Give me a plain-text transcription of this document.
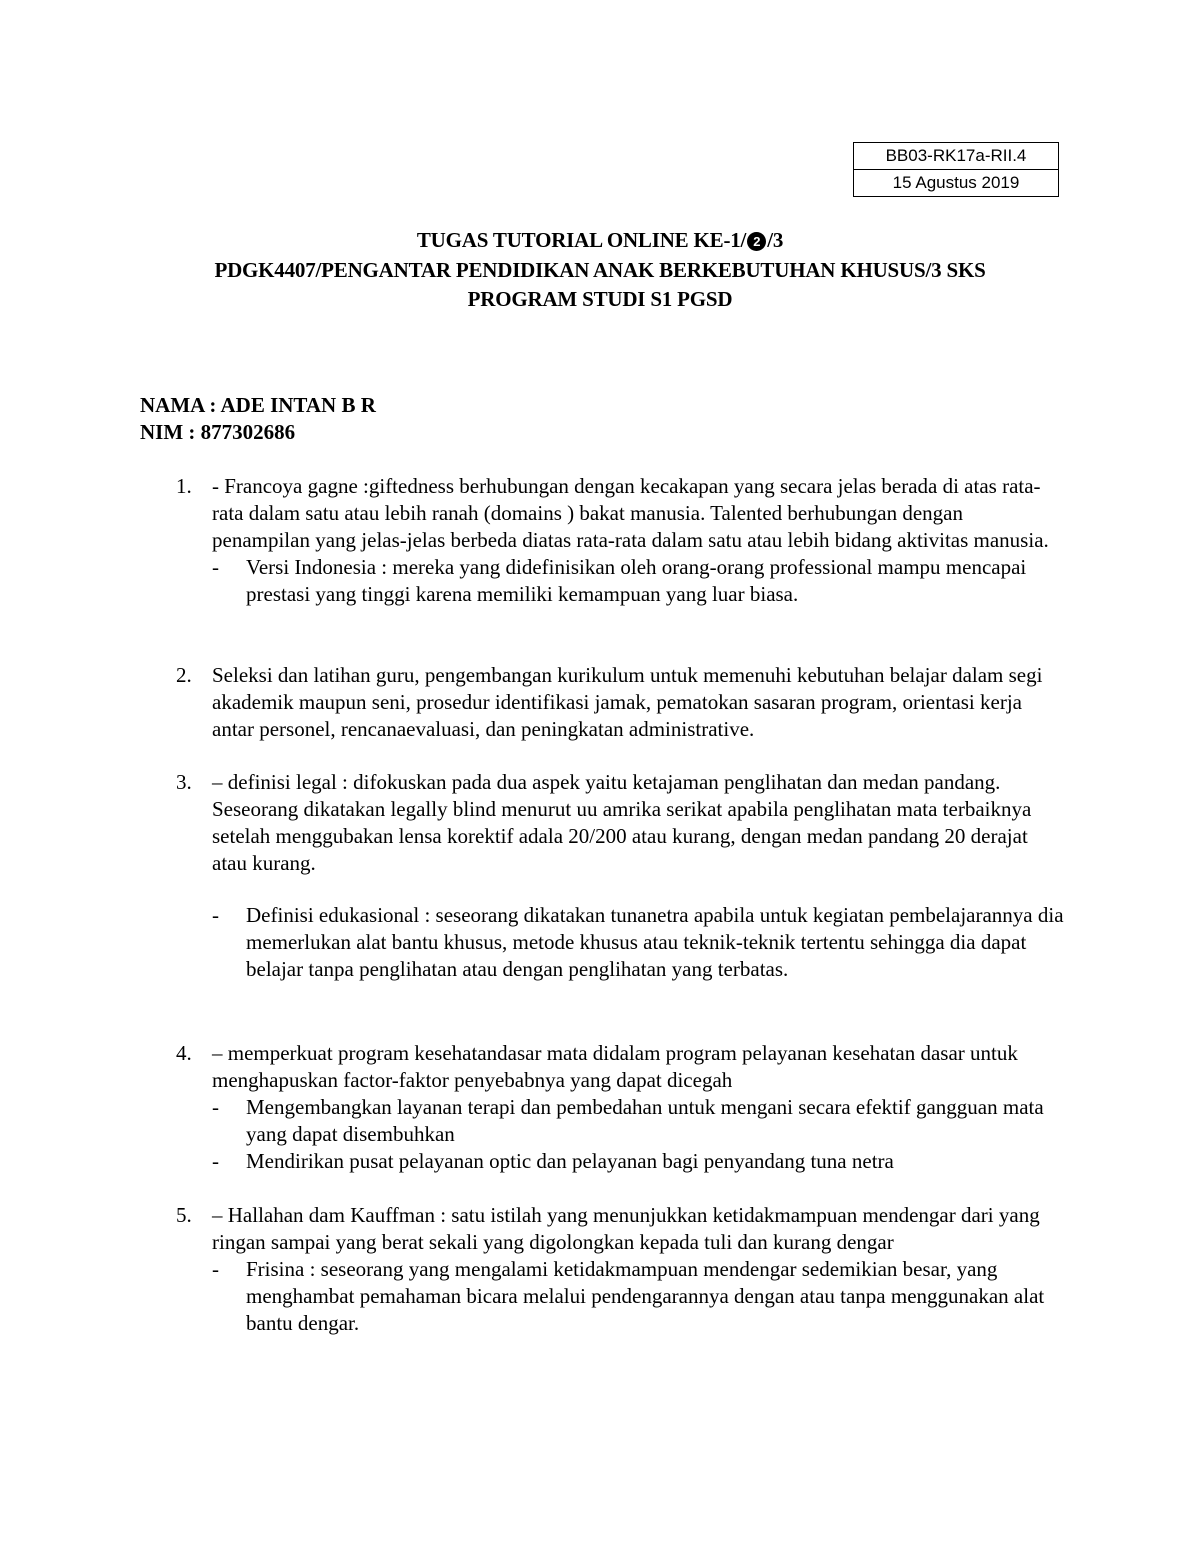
BB03-RK17a-RII.4
15 Agustus 2019
TUGAS TUTORIAL ONLINE KE-1/ 2 /3
PDGK4407/PENGANTAR PENDIDIKAN ANAK BERKEBUTUHAN KHUSUS/3 SKS
PROGRAM STUDI S1 PGSD
NAMA : ADE INTAN B R
NIM : 877302686
1. - Francoya gagne :giftedness berhubungan dengan kecakapan yang secara jelas berada di atas rata-rata dalam satu atau lebih ranah (domains ) bakat manusia. Talented berhubungan dengan penampilan yang jelas-jelas berbeda diatas rata-rata dalam satu atau lebih bidang aktivitas manusia.
- Versi Indonesia : mereka yang didefinisikan oleh orang-orang professional mampu mencapai prestasi yang tinggi karena memiliki kemampuan yang luar biasa.
2. Seleksi dan latihan guru, pengembangan kurikulum untuk memenuhi kebutuhan belajar dalam segi akademik maupun seni, prosedur identifikasi jamak, pematokan sasaran program, orientasi kerja antar personel, rencanaevaluasi, dan peningkatan administrative.
3. – definisi legal : difokuskan pada dua aspek yaitu ketajaman penglihatan dan medan pandang. Seseorang dikatakan legally blind menurut uu amrika serikat apabila penglihatan mata terbaiknya setelah menggubakan lensa korektif adala 20/200 atau kurang, dengan medan pandang 20 derajat atau kurang.
- Definisi edukasional : seseorang dikatakan tunanetra apabila untuk kegiatan pembelajarannya dia memerlukan alat bantu khusus, metode khusus atau teknik-teknik tertentu sehingga dia dapat belajar tanpa penglihatan atau dengan penglihatan yang terbatas.
4. – memperkuat program kesehatandasar mata didalam program pelayanan kesehatan dasar untuk menghapuskan factor-faktor penyebabnya yang dapat dicegah
- Mengembangkan layanan terapi dan pembedahan untuk mengani secara efektif gangguan mata yang dapat disembuhkan
- Mendirikan pusat pelayanan optic dan pelayanan bagi penyandang tuna netra
5. – Hallahan dam Kauffman : satu istilah yang menunjukkan ketidakmampuan mendengar dari yang ringan sampai yang berat sekali yang digolongkan kepada tuli dan kurang dengar
- Frisina : seseorang yang mengalami ketidakmampuan mendengar sedemikian besar, yang menghambat pemahaman bicara melalui pendengarannya dengan atau tanpa menggunakan alat bantu dengar.
